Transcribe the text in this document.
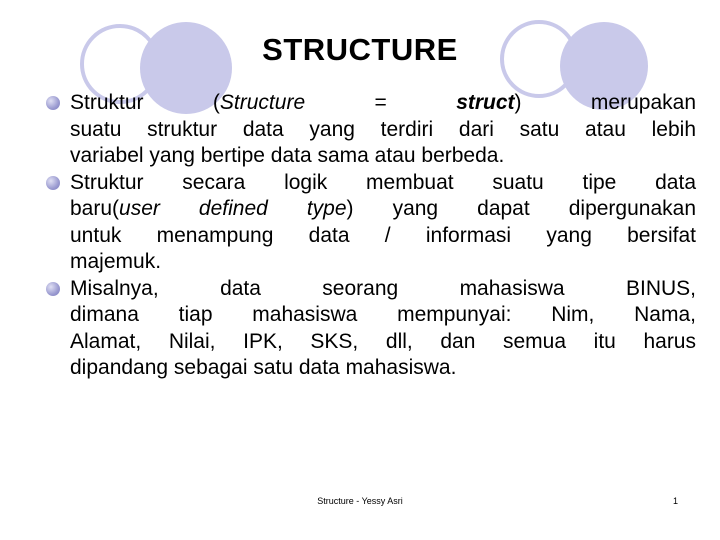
STRUCTURE
Struktur (Structure = struct) merupakan
suatu struktur data yang terdiri dari satu atau lebih
variabel yang bertipe data sama atau berbeda.
Struktur secara logik membuat suatu tipe data
baru(user defined type) yang dapat dipergunakan
untuk menampung data / informasi yang bersifat
majemuk.
Misalnya, data seorang mahasiswa BINUS,
dimana tiap mahasiswa mempunyai: Nim, Nama,
Alamat, Nilai, IPK, SKS, dll, dan semua itu harus
dipandang sebagai satu data mahasiswa.
Structure - Yessy Asri	1
